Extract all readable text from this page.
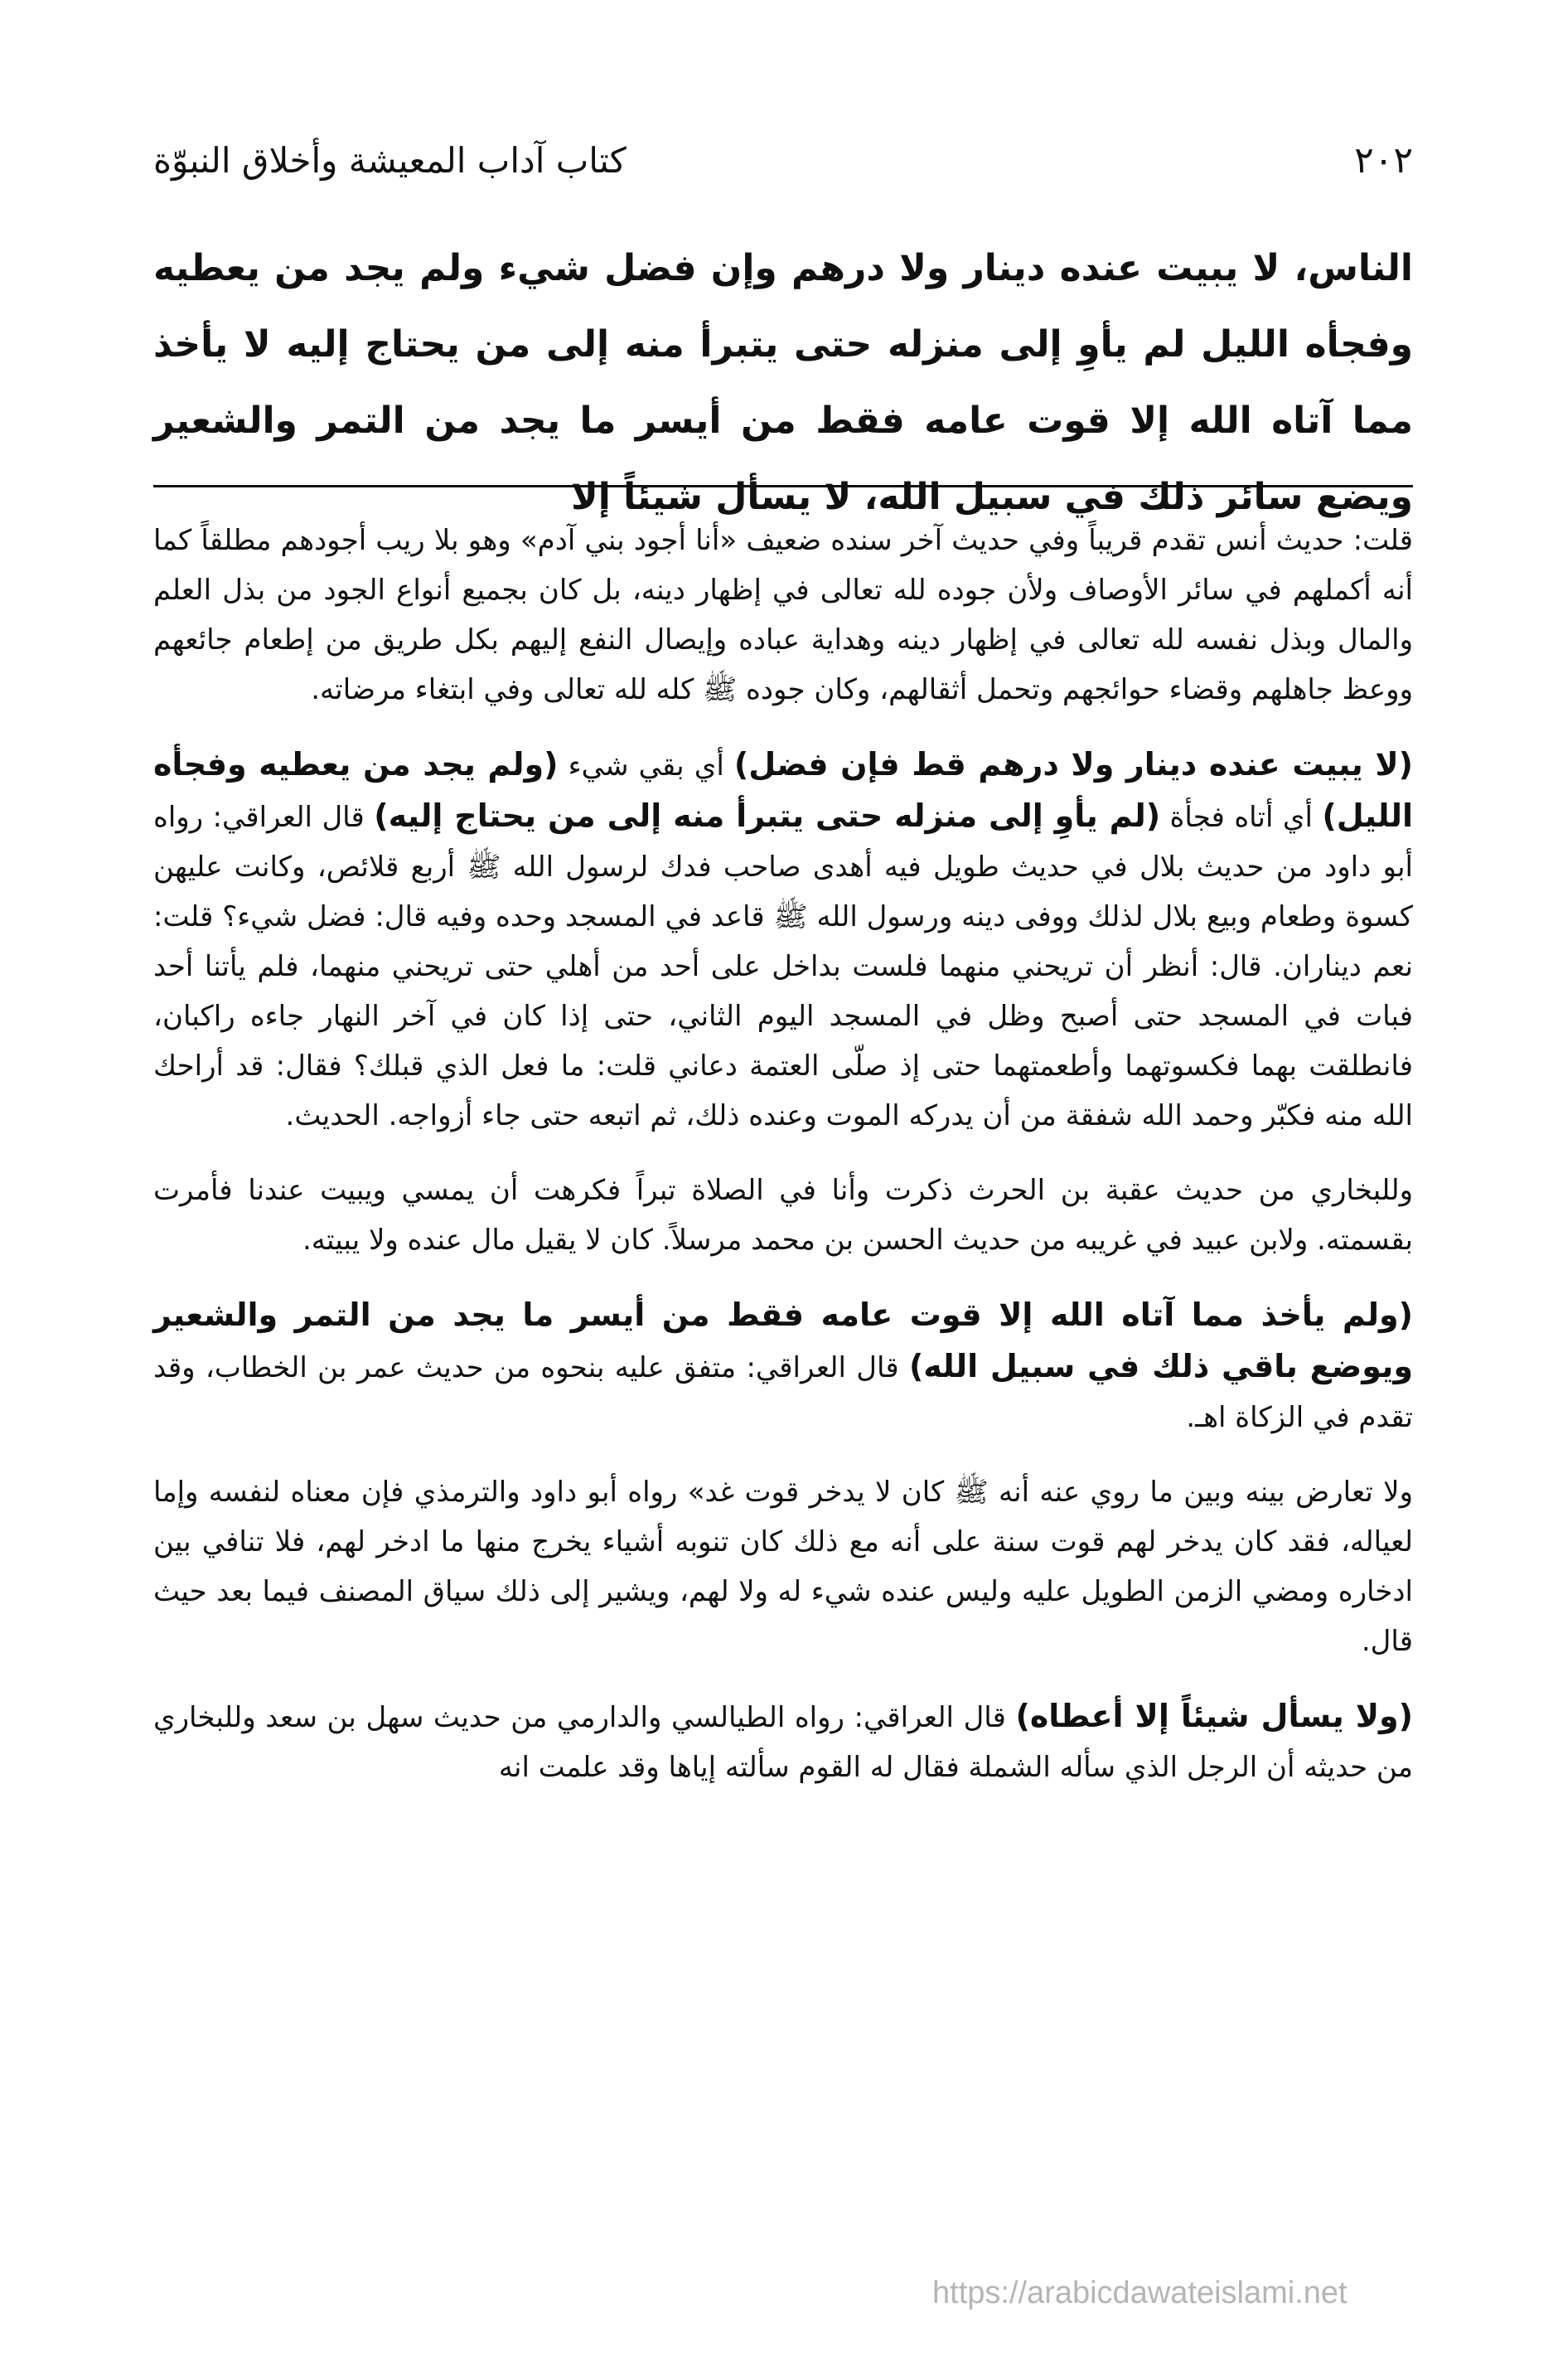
٢٠٢
كتاب آداب المعيشة وأخلاق النبوّة

الناس، لا يبيت عنده دينار ولا درهم وإن فضل شيء ولم يجد من يعطيه وفجأه الليل لم يأوِ إلى منزله حتى يتبرأ منه إلى من يحتاج إليه لا يأخذ مما آتاه الله إلا قوت عامه فقط من أيسر ما يجد من التمر والشعير ويضع سائر ذلك في سبيل الله، لا يسأل شيئاً إلا

قلت: حديث أنس تقدم قريباً وفي حديث آخر سنده ضعيف «أنا أجود بني آدم» وهو بلا ريب أجودهم مطلقاً كما أنه أكملهم في سائر الأوصاف ولأن جوده لله تعالى في إظهار دينه، بل كان بجميع أنواع الجود من بذل العلم والمال وبذل نفسه لله تعالى في إظهار دينه وهداية عباده وإيصال النفع إليهم بكل طريق من إطعام جائعهم ووعظ جاهلهم وقضاء حوائجهم وتحمل أثقالهم، وكان جوده ﷺ كله لله تعالى وفي ابتغاء مرضاته.

(لا يبيت عنده دينار ولا درهم قط فإن فضل) أي بقي شيء (ولم يجد من يعطيه وفجأه الليل) أي أتاه فجأة (لم يأوِ إلى منزله حتى يتبرأ منه إلى من يحتاج إليه) قال العراقي: رواه أبو داود من حديث بلال في حديث طويل فيه أهدى صاحب فدك لرسول الله ﷺ أربع قلائص، وكانت عليهن كسوة وطعام وبيع بلال لذلك ووفى دينه ورسول الله ﷺ قاعد في المسجد وحده وفيه قال: فضل شيء؟ قلت: نعم ديناران. قال: أنظر أن تريحني منهما فلست بداخل على أحد من أهلي حتى تريحني منهما، فلم يأتنا أحد فبات في المسجد حتى أصبح وظل في المسجد اليوم الثاني، حتى إذا كان في آخر النهار جاءه راكبان، فانطلقت بهما فكسوتهما وأطعمتهما حتى إذ صلّى العتمة دعاني قلت: ما فعل الذي قبلك؟ فقال: قد أراحك الله منه فكبّر وحمد الله شفقة من أن يدركه الموت وعنده ذلك، ثم اتبعه حتى جاء أزواجه. الحديث.

وللبخاري من حديث عقبة بن الحرث ذكرت وأنا في الصلاة تبراً فكرهت أن يمسي ويبيت عندنا فأمرت بقسمته. ولابن عبيد في غريبه من حديث الحسن بن محمد مرسلاً. كان لا يقيل مال عنده ولا يبيته.

(ولم يأخذ مما آتاه الله إلا قوت عامه فقط من أيسر ما يجد من التمر والشعير ويوضع باقي ذلك في سبيل الله) قال العراقي: متفق عليه بنحوه من حديث عمر بن الخطاب، وقد تقدم في الزكاة اهـ.

ولا تعارض بينه وبين ما روي عنه أنه ﷺ كان لا يدخر قوت غد» رواه أبو داود والترمذي فإن معناه لنفسه وإما لعياله، فقد كان يدخر لهم قوت سنة على أنه مع ذلك كان تنوبه أشياء يخرج منها ما ادخر لهم، فلا تنافي بين ادخاره ومضي الزمن الطويل عليه وليس عنده شيء له ولا لهم، ويشير إلى ذلك سياق المصنف فيما بعد حيث قال.

(ولا يسأل شيئاً إلا أعطاه) قال العراقي: رواه الطيالسي والدارمي من حديث سهل بن سعد وللبخاري من حديثه أن الرجل الذي سأله الشملة فقال له القوم سألته إياها وقد علمت انه

https://arabicdawateislami.net
